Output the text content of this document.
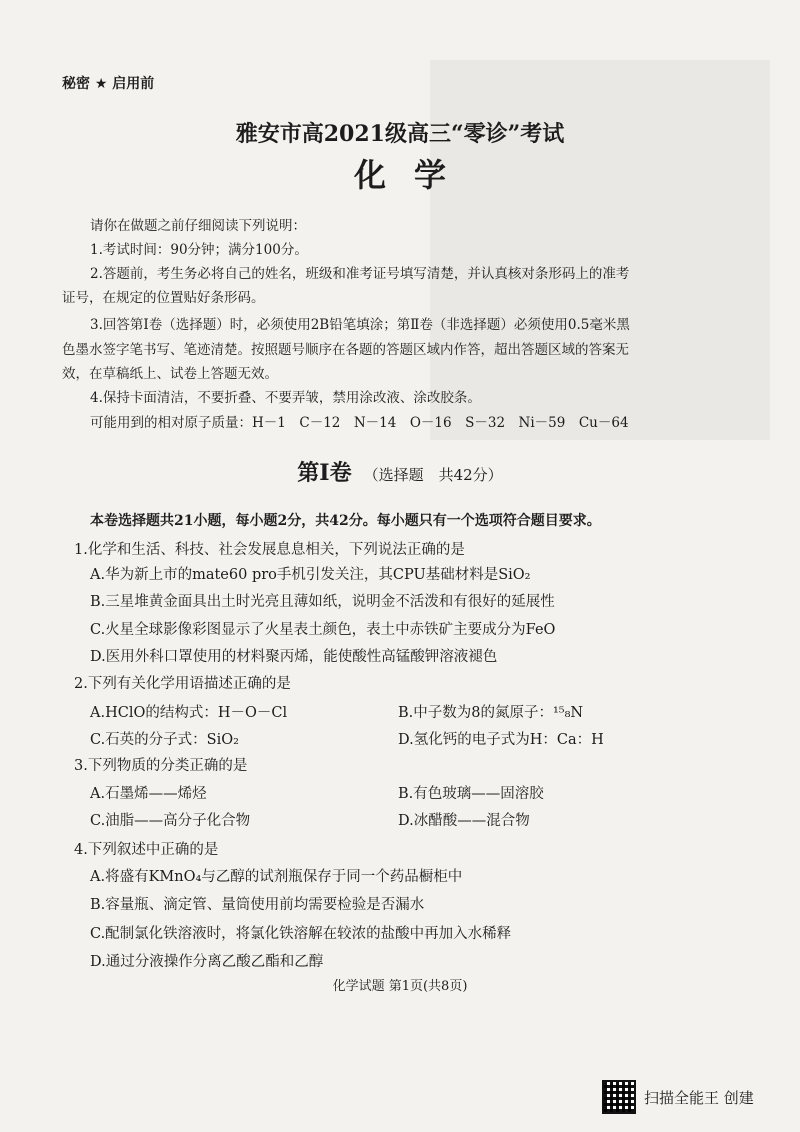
秘密 ★ 启用前
雅安市高2021级高三“零诊”考试
化学
请你在做题之前仔细阅读下列说明：
1.考试时间：90分钟；满分100分。
2.答题前，考生务必将自己的姓名，班级和准考证号填写清楚，并认真核对条形码上的准考
证号，在规定的位置贴好条形码。
3.回答第Ⅰ卷（选择题）时，必须使用2B铅笔填涂；第Ⅱ卷（非选择题）必须使用0.5毫米黑
色墨水签字笔书写、笔迹清楚。按照题号顺序在各题的答题区域内作答，超出答题区域的答案无
效，在草稿纸上、试卷上答题无效。
4.保持卡面清洁，不要折叠、不要弄皱，禁用涂改液、涂改胶条。
可能用到的相对原子质量：H－1　C－12　N－14　O－16　S－32　Ni－59　Cu－64
第Ⅰ卷 （选择题　共42分）
本卷选择题共21小题，每小题2分，共42分。每小题只有一个选项符合题目要求。
1.化学和生活、科技、社会发展息息相关，下列说法正确的是
A.华为新上市的mate60 pro手机引发关注，其CPU基础材料是SiO₂
B.三星堆黄金面具出土时光亮且薄如纸，说明金不活泼和有很好的延展性
C.火星全球影像彩图显示了火星表土颜色，表土中赤铁矿主要成分为FeO
D.医用外科口罩使用的材料聚丙烯，能使酸性高锰酸钾溶液褪色
2.下列有关化学用语描述正确的是
A.HClO的结构式：H－O－Cl	B.中子数为8的氮原子：¹⁵₈N
C.石英的分子式：SiO₂	D.氢化钙的电子式为H：Ca：H
3.下列物质的分类正确的是
A.石墨烯——烯烃	B.有色玻璃——固溶胶
C.油脂——高分子化合物	D.冰醋酸——混合物
4.下列叙述中正确的是
A.将盛有KMnO₄与乙醇的试剂瓶保存于同一个药品橱柜中
B.容量瓶、滴定管、量筒使用前均需要检验是否漏水
C.配制氯化铁溶液时，将氯化铁溶解在较浓的盐酸中再加入水稀释
D.通过分液操作分离乙酸乙酯和乙醇
化学试题 第1页(共8页)
扫描全能王 创建
